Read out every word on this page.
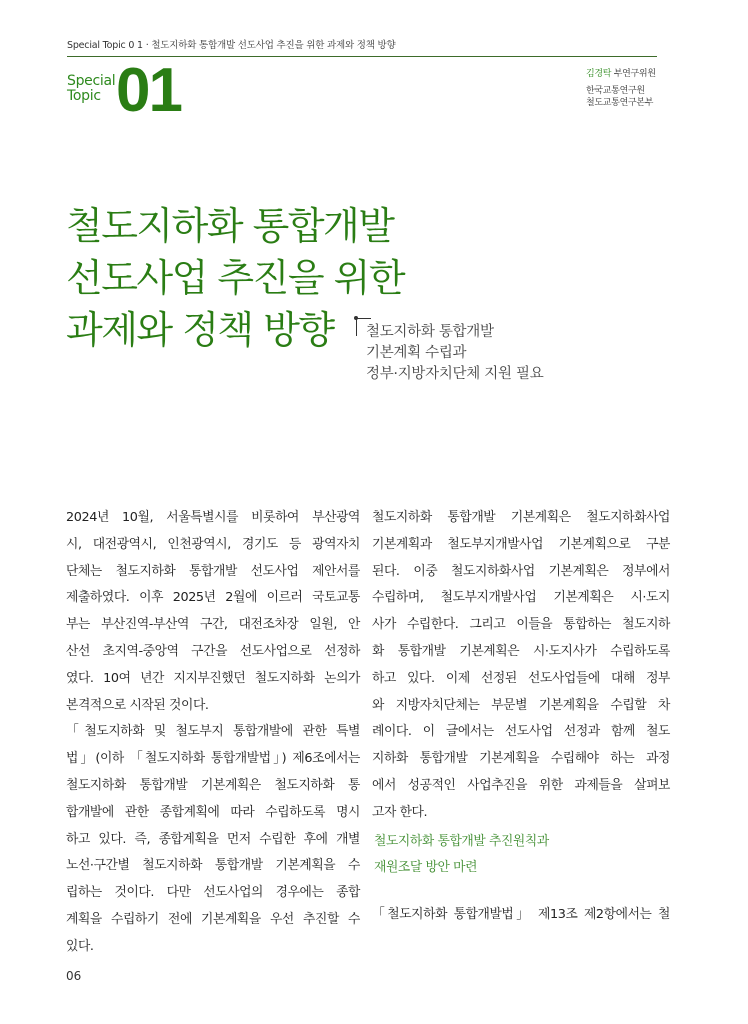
Special Topic 0 1 · 철도지하화 통합개발 선도사업 추진을 위한 과제와 정책 방향
Special
Topic 01	김경탁 부연구위원
한국교통연구원
철도교통연구본부
철도지하화 통합개발
선도사업 추진을 위한
과제와 정책 방향	철도지하화 통합개발
기본계획 수립과
정부·지방자치단체 지원 필요
2024년 10월, 서울특별시를 비롯하여 부산광역
시, 대전광역시, 인천광역시, 경기도 등 광역자치
단체는 철도지하화 통합개발 선도사업 제안서를
제출하였다. 이후 2025년 2월에 이르러 국토교통
부는 부산진역-부산역 구간, 대전조차장 일원, 안
산선 초지역-중앙역 구간을 선도사업으로 선정하
였다. 10여 년간 지지부진했던 철도지하화 논의가
본격적으로 시작된 것이다.
「철도지하화 및 철도부지 통합개발에 관한 특별
법」(이하 「철도지하화 통합개발법」) 제6조에서는
철도지하화 통합개발 기본계획은 철도지하화 통
합개발에 관한 종합계획에 따라 수립하도록 명시
하고 있다. 즉, 종합계획을 먼저 수립한 후에 개별
노선·구간별 철도지하화 통합개발 기본계획을 수
립하는 것이다. 다만 선도사업의 경우에는 종합
계획을 수립하기 전에 기본계획을 우선 추진할 수
있다.
철도지하화 통합개발 기본계획은 철도지하화사업
기본계획과 철도부지개발사업 기본계획으로 구분
된다. 이중 철도지하화사업 기본계획은 정부에서
수립하며, 철도부지개발사업 기본계획은 시·도지
사가 수립한다. 그리고 이들을 통합하는 철도지하
화 통합개발 기본계획은 시·도지사가 수립하도록
하고 있다. 이제 선정된 선도사업들에 대해 정부
와 지방자치단체는 부문별 기본계획을 수립할 차
례이다. 이 글에서는 선도사업 선정과 함께 철도
지하화 통합개발 기본계획을 수립해야 하는 과정
에서 성공적인 사업추진을 위한 과제들을 살펴보
고자 한다.
철도지하화 통합개발 추진원칙과
재원조달 방안 마련
「철도지하화 통합개발법」 제13조 제2항에서는 철
06
